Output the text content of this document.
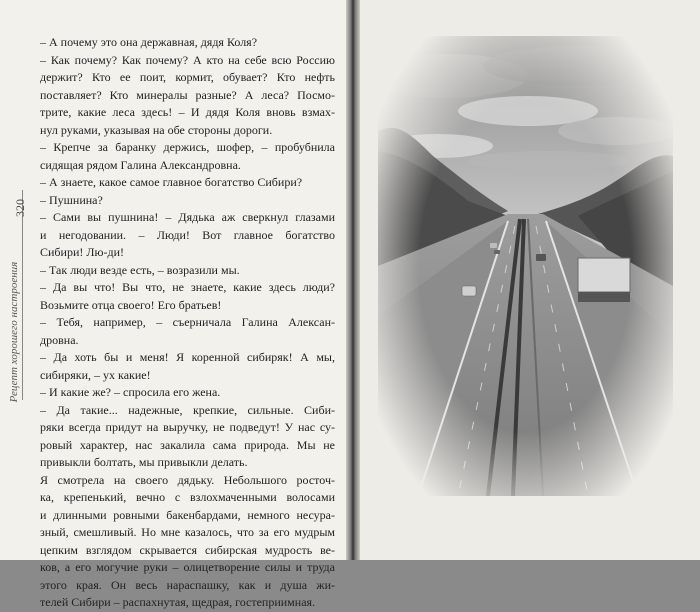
320
Рецепт хорошего настроения
– А почему это она державная, дядя Коля?
– Как почему? Как почему? А кто на себе всю Россию
держит? Кто ее поит, кормит, обувает? Кто нефть
поставляет? Кто минералы разные? А леса? Посмо-
трите, какие леса здесь! – И дядя Коля вновь взмах-
нул руками, указывая на обе стороны дороги.
– Крепче за баранку держись, шофер, – пробубнила
сидящая рядом Галина Александровна.
– А знаете, какое самое главное богатство Сибири?
– Пушнина?
– Сами вы пушнина! – Дядька аж сверкнул глазами
и негодовании. – Люди! Вот главное богатство
Сибири! Лю-ди!
– Так люди везде есть, – возразили мы.
– Да вы что! Вы что, не знаете, какие здесь люди?
Возьмите отца своего! Его братьев!
– Тебя, например, – съерничала Галина Алексан-
дровна.
– Да хоть бы и меня! Я коренной сибиряк! А мы,
сибиряки, – ух какие!
– И какие же? – спросила его жена.
– Да такие... надежные, крепкие, сильные. Сиби-
ряки всегда придут на выручку, не подведут! У нас су-
ровый характер, нас закалила сама природа. Мы не
привыкли болтать, мы привыкли делать.
Я смотрела на своего дядьку. Небольшого росточ-
ка, крепенький, вечно с взлохмаченными волосами
и длинными ровными бакенбардами, немного несура-
зный, смешливый. Но мне казалось, что за его мудрым
цепким взглядом скрывается сибирская мудрость ве-
ков, а его могучие руки – олицетворение силы и труда
этого края. Он весь нараспашку, как и душа жи-
телей Сибири – распахнутая, щедрая, гостеприимная.
